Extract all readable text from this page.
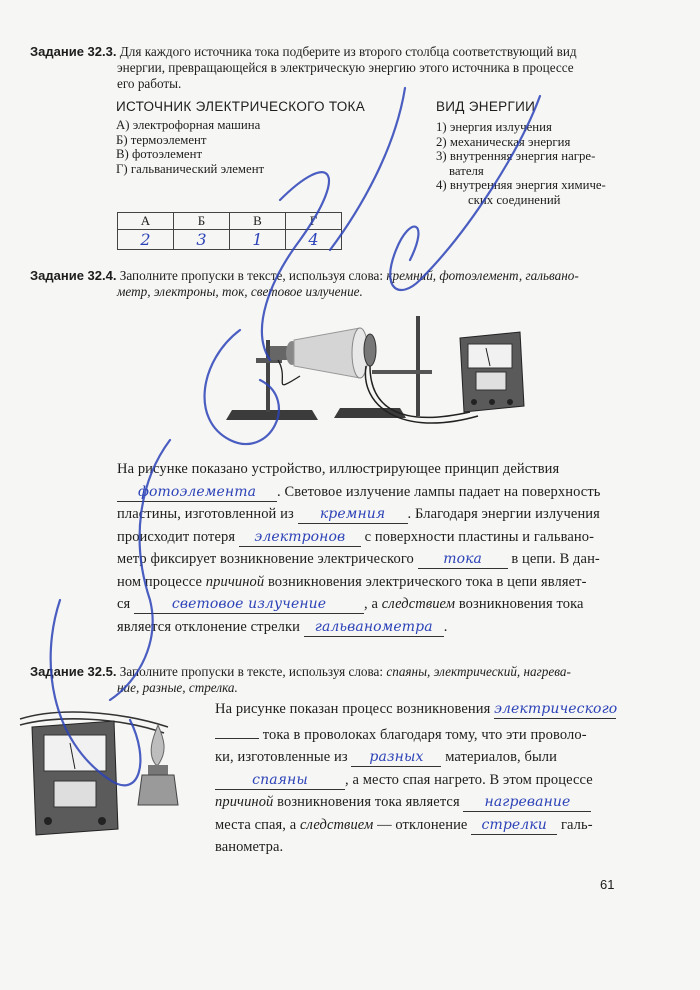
Задание 32.3. Для каждого источника тока подберите из второго столбца соответствующий вид
энергии, превращающейся в электрическую энергию этого источника в процессе
его работы.
ИСТОЧНИК ЭЛЕКТРИЧЕСКОГО ТОКА
А) электрофорная машина
Б) термоэлемент
В) фотоэлемент
Г) гальванический элемент
ВИД ЭНЕРГИИ
1) энергия излучения
2) механическая энергия
3) внутренняя энергия нагре-
вателя
4) внутренняя энергия химиче-
ских соединений
А	Б	В	Г
2	3	1	4
Задание 32.4. Заполните пропуски в тексте, используя слова: кремний, фотоэлемент, гальвано-
метр, электроны, ток, световое излучение.
На рисунке показано устройство, иллюстрирующее принцип действия
фотоэлемента . Световое излучение лампы падает на поверхность
пластины, изготовленной из кремния . Благодаря энергии излучения
происходит потеря электронов с поверхности пластины и гальвано-
метр фиксирует возникновение электрического тока в цепи. В дан-
ном процессе причиной возникновения электрического тока в цепи являет-
ся	световое излучение	, а следствием возникновения тока
является отклонение стрелки гальванометра .
Задание 32.5. Заполните пропуски в тексте, используя слова: спаяны, электрический, нагрева-
ние, разные, стрелка.
На рисунке показан процесс возникновения электрического
тока в проволоках благодаря тому, что эти проволо-
ки, изготовленные из разных материалов, были
спаяны	, а место спая нагрето. В этом процессе
причиной возникновения тока является нагревание
места спая, а следствием — отклонение стрелки галь-
ванометра.
61
